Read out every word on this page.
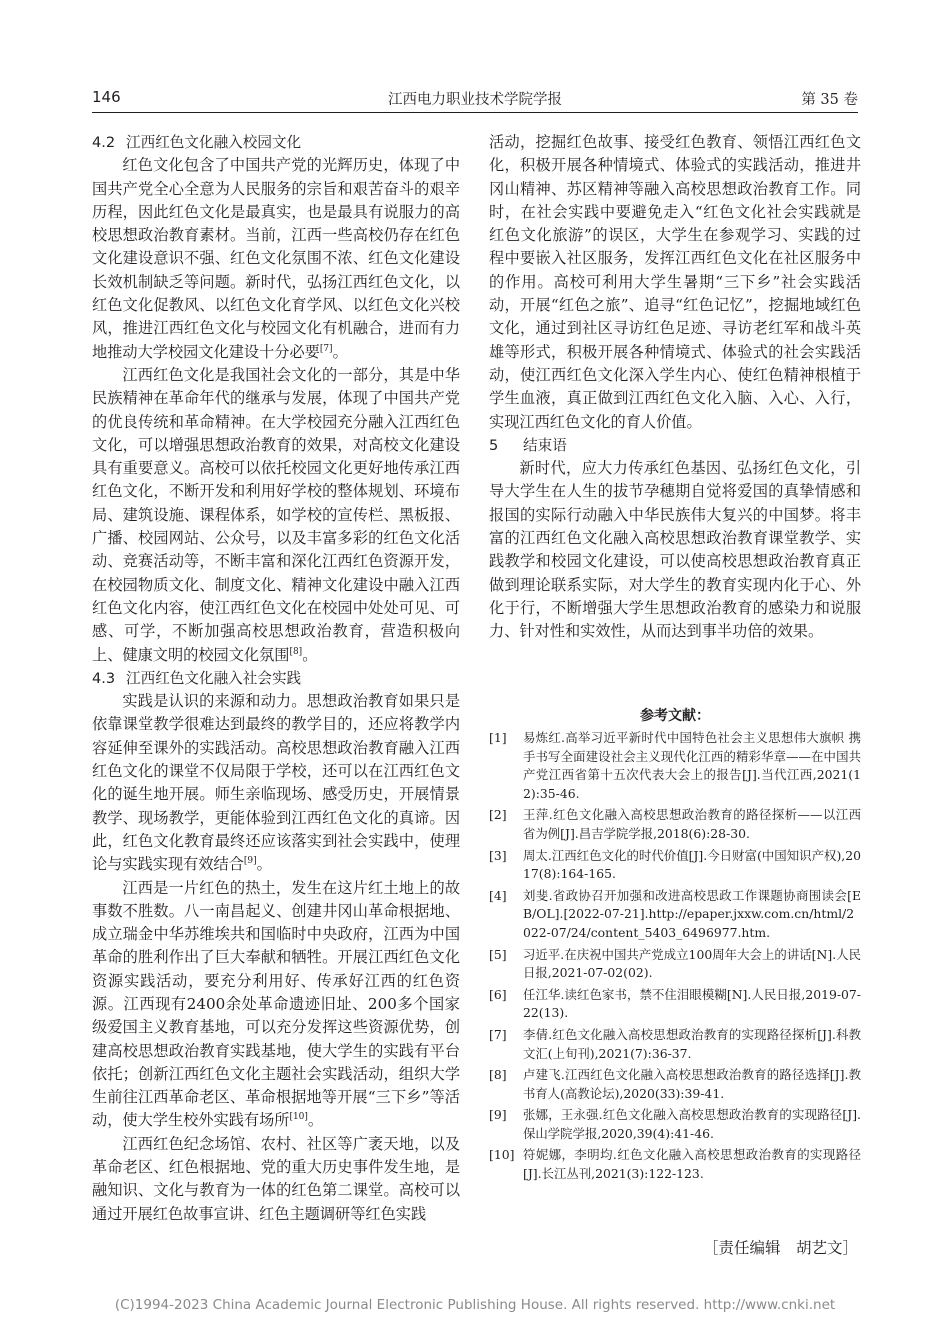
146	江西电力职业技术学院学报	第 35 卷
4.2 江西红色文化融入校园文化

红色文化包含了中国共产党的光辉历史，体现了中国共产党全心全意为人民服务的宗旨和艰苦奋斗的艰辛历程，因此红色文化是最真实，也是最具有说服力的高校思想政治教育素材。当前，江西一些高校仍存在红色文化建设意识不强、红色文化氛围不浓、红色文化建设长效机制缺乏等问题。新时代，弘扬江西红色文化，以红色文化促教风、以红色文化育学风、以红色文化兴校风，推进江西红色文化与校园文化有机融合，进而有力地推动大学校园文化建设十分必要[7]。

江西红色文化是我国社会文化的一部分，其是中华民族精神在革命年代的继承与发展，体现了中国共产党的优良传统和革命精神。在大学校园充分融入江西红色文化，可以增强思想政治教育的效果，对高校文化建设具有重要意义。高校可以依托校园文化更好地传承江西红色文化，不断开发和利用好学校的整体规划、环境布局、建筑设施、课程体系，如学校的宣传栏、黑板报、广播、校园网站、公众号，以及丰富多彩的红色文化活动、竞赛活动等，不断丰富和深化江西红色资源开发，在校园物质文化、制度文化、精神文化建设中融入江西红色文化内容，使江西红色文化在校园中处处可见、可感、可学，不断加强高校思想政治教育，营造积极向上、健康文明的校园文化氛围[8]。

4.3 江西红色文化融入社会实践

实践是认识的来源和动力。思想政治教育如果只是依靠课堂教学很难达到最终的教学目的，还应将教学内容延伸至课外的实践活动。高校思想政治教育融入江西红色文化的课堂不仅局限于学校，还可以在江西红色文化的诞生地开展。师生亲临现场、感受历史，开展情景教学、现场教学，更能体验到江西红色文化的真谛。因此，红色文化教育最终还应该落实到社会实践中，使理论与实践实现有效结合[9]。

江西是一片红色的热土，发生在这片红土地上的故事数不胜数。八一南昌起义、创建井冈山革命根据地、成立瑞金中华苏维埃共和国临时中央政府，江西为中国革命的胜利作出了巨大奉献和牺牲。开展江西红色文化资源实践活动，要充分利用好、传承好江西的红色资源。江西现有2400余处革命遗迹旧址、200多个国家级爱国主义教育基地，可以充分发挥这些资源优势，创建高校思想政治教育实践基地，使大学生的实践有平台依托；创新江西红色文化主题社会实践活动，组织大学生前往江西革命老区、革命根据地等开展“三下乡”等活动，使大学生校外实践有场所[10]。

江西红色纪念场馆、农村、社区等广袤天地，以及革命老区、红色根据地、党的重大历史事件发生地，是融知识、文化与教育为一体的红色第二课堂。高校可以通过开展红色故事宣讲、红色主题调研等红色实践

活动，挖掘红色故事、接受红色教育、领悟江西红色文化，积极开展各种情境式、体验式的实践活动，推进井冈山精神、苏区精神等融入高校思想政治教育工作。同时，在社会实践中要避免走入“红色文化社会实践就是红色文化旅游”的误区，大学生在参观学习、实践的过程中要嵌入社区服务，发挥江西红色文化在社区服务中的作用。高校可利用大学生暑期“三下乡”社会实践活动，开展“红色之旅”、追寻“红色记忆”，挖掘地域红色文化，通过到社区寻访红色足迹、寻访老红军和战斗英雄等形式，积极开展各种情境式、体验式的社会实践活动，使江西红色文化深入学生内心、使红色精神根植于学生血液，真正做到江西红色文化入脑、入心、入行，实现江西红色文化的育人价值。

5 结束语

新时代，应大力传承红色基因、弘扬红色文化，引导大学生在人生的拔节孕穗期自觉将爱国的真挚情感和报国的实际行动融入中华民族伟大复兴的中国梦。将丰富的江西红色文化融入高校思想政治教育课堂教学、实践教学和校园文化建设，可以使高校思想政治教育真正做到理论联系实际，对大学生的教育实现内化于心、外化于行，不断增强大学生思想政治教育的感染力和说服力、针对性和实效性，从而达到事半功倍的效果。

参考文献：
[1] 易炼红.高举习近平新时代中国特色社会主义思想伟大旗帜 携手书写全面建设社会主义现代化江西的精彩华章——在中国共产党江西省第十五次代表大会上的报告[J].当代江西,2021(12):35-46.
[2] 王萍.红色文化融入高校思想政治教育的路径探析——以江西省为例[J].昌吉学院学报,2018(6):28-30.
[3] 周太.江西红色文化的时代价值[J].今日财富(中国知识产权),2017(8):164-165.
[4] 刘斐.省政协召开加强和改进高校思政工作课题协商围读会[EB/OL].[2022-07-21].http://epaper.jxxw.com.cn/html/2022-07/24/content_5403_6496977.htm.
[5] 习近平.在庆祝中国共产党成立100周年大会上的讲话[N].人民日报,2021-07-02(02).
[6] 任江华.读红色家书，禁不住泪眼模糊[N].人民日报,2019-07-22(13).
[7] 李倩.红色文化融入高校思想政治教育的实现路径探析[J].科教文汇(上旬刊),2021(7):36-37.
[8] 卢建飞.江西红色文化融入高校思想政治教育的路径选择[J].教书育人(高教论坛),2020(33):39-41.
[9] 张娜，王永强.红色文化融入高校思想政治教育的实现路径[J].保山学院学报,2020,39(4):41-46.
[10] 符妮娜，李明均.红色文化融入高校思想政治教育的实现路径[J].长江丛刊,2021(3):122-123.
［责任编辑　胡艺文］
(C)1994-2023 China Academic Journal Electronic Publishing House. All rights reserved. http://www.cnki.net
